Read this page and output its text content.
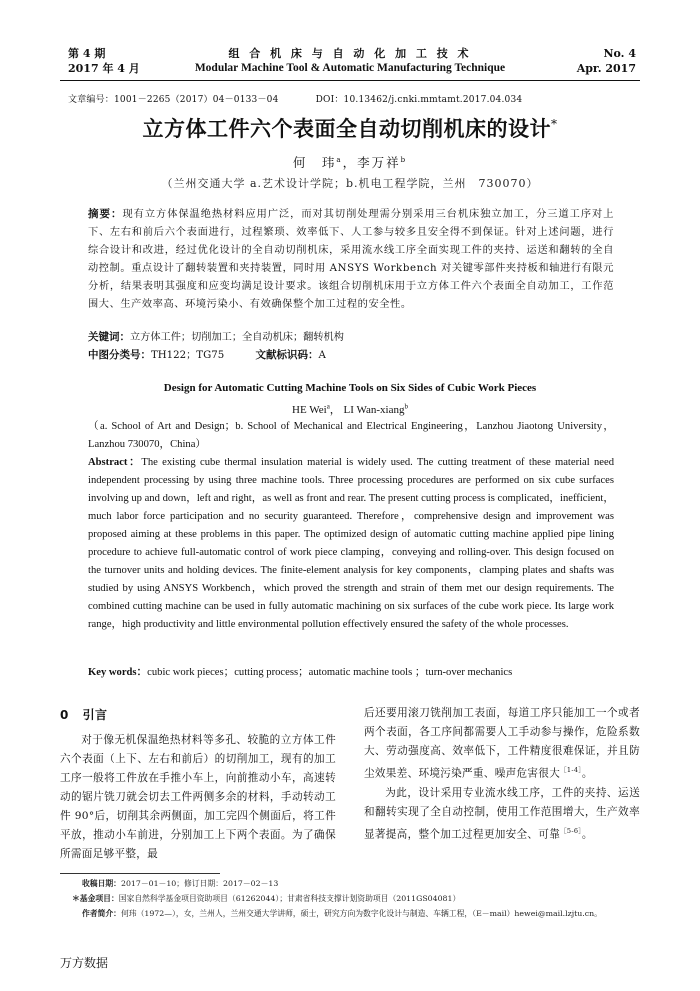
第 4 期
2017 年 4 月
组 合 机 床 与 自 动 化 加 工 技 术
Modular Machine Tool & Automatic Manufacturing Technique
No. 4
Apr. 2017
文章编号：1001－2265（2017）04－0133－04	DOI：10.13462/j.cnki.mmtamt.2017.04.034
立方体工件六个表面全自动切削机床的设计*
何　玮$^a$，李万祥$^b$
（兰州交通大学 a.艺术设计学院；b.机电工程学院，兰州　730070）
摘要：现有立方体保温绝热材料应用广泛，而对其切削处理需分别采用三台机床独立加工，分三道工序对上下、左右和前后六个表面进行，过程繁琐、效率低下、人工参与较多且安全得不到保证。针对上述问题，进行综合设计和改进，经过优化设计的全自动切削机床，采用流水线工序全面实现工件的夹持、运送和翻转的全自动控制。重点设计了翻转装置和夹持装置，同时用 ANSYS Workbench 对关键零部件夹持板和轴进行有限元分析，结果表明其强度和应变均满足设计要求。该组合切削机床用于立方体工件六个表面全自动加工，工作范围大、生产效率高、环境污染小、有效确保整个加工过程的安全性。
关键词：立方体工件；切削加工；全自动机床；翻转机构
中图分类号：TH122；TG75	文献标识码：A
Design for Automatic Cutting Machine Tools on Six Sides of Cubic Work Pieces
HE Wei$^a$， LI Wan-xiang$^b$
（a. School of Art and Design；b. School of Mechanical and Electrical Engineering，Lanzhou Jiaotong University，Lanzhou 730070，China）
Abstract：The existing cube thermal insulation material is widely used. The cutting treatment of these material need independent processing by using three machine tools. Three processing procedures are performed on six cube surfaces involving up and down，left and right，as well as front and rear. The present cutting process is complicated，inefficient，much labor force participation and no security guaranteed. Therefore，comprehensive design and improvement was proposed aiming at these problems in this paper. The optimized design of automatic cutting machine applied pipe lining procedure to achieve full-automatic control of work piece clamping，conveying and rolling-over. This design focused on the turnover units and holding devices. The finite-element analysis for key components，clamping plates and shafts was studied by using ANSYS Workbench，which proved the strength and strain of them met our design requirements. The combined cutting machine can be used in fully automatic machining on six surfaces of the cube work piece. Its large work range，high productivity and little environmental pollution effectively ensured the safety of the whole processes.
Key words：cubic work pieces；cutting process；automatic machine tools ；turn-over mechanics
0 引言

对于像无机保温绝热材料等多孔、较脆的立方体工件六个表面（上下、左右和前后）的切削加工，现有的加工工序一般将工件放在手推小车上，向前推动小车，高速转动的锯片铣刀就会切去工件两侧多余的材料，手动转动工件 90°后，切削其余两侧面，加工完四个侧面后，将工件平放，推动小车前进，分别加工上下两个表面。为了确保所需面足够平整，最

后还要用滚刀铣削加工表面，每道工序只能加工一个或者两个表面，各工序间都需要人工手动参与操作，危险系数大、劳动强度高、效率低下，工件精度很难保证，并且防尘效果差、环境污染严重、噪声危害很大$^{[1-4]}$。

为此，设计采用专业流水线工序，工件的夹持、运送和翻转实现了全自动控制，使用工作范围增大，生产效率显著提高，整个加工过程更加安全、可靠$^{[5-6]}$。

收稿日期：2017－01－10；修订日期：2017－02－13
＊基金项目：国家自然科学基金项目资助项目（61262044）；甘肃省科技支撑计划资助项目（2011GS04081）
作者简介：何玮（1972—），女，兰州人，兰州交通大学讲师，硕士，研究方向为数字化设计与制造、车辆工程，（E－mail）hewei@mail.lzjtu.cn。
万方数据
